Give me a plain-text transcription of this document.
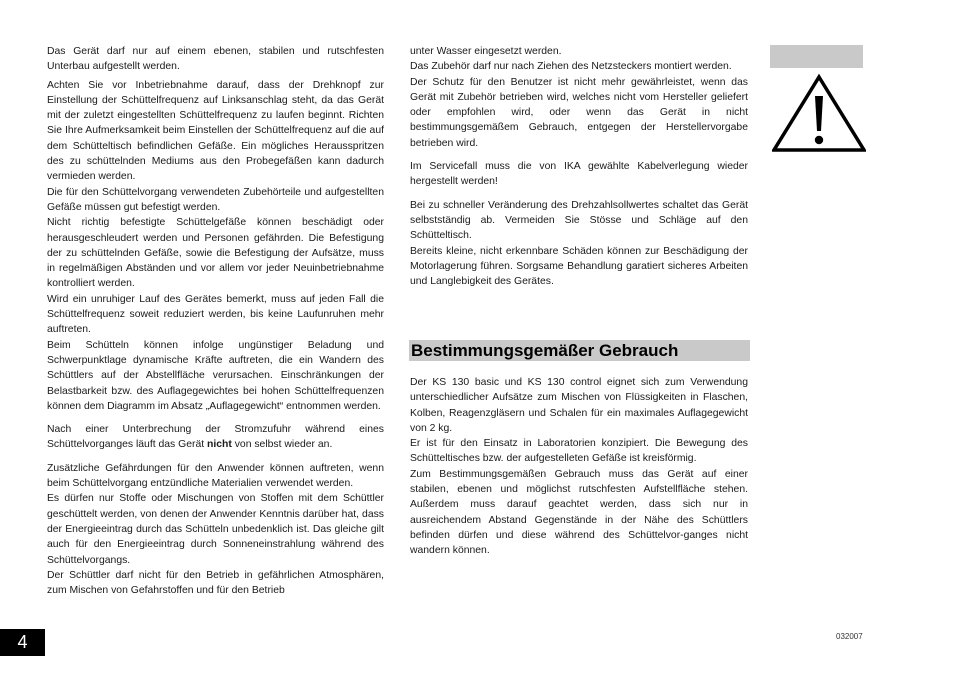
Das Gerät darf nur auf einem ebenen, stabilen und rutschfesten Unterbau aufgestellt werden.

Achten Sie vor Inbetriebnahme darauf, dass der Drehknopf zur Einstellung der Schüttelfrequenz auf Linksanschlag steht, da das Gerät mit der zuletzt eingestellten Schüttelfrequenz zu laufen beginnt. Richten Sie Ihre Aufmerksamkeit beim Einstellen der Schüttelfrequenz auf die auf dem Schütteltisch befindlichen Gefäße. Ein mögliches Herausspritzen des zu schüttelnden Mediums aus den Probegefäßen kann dadurch vermieden werden.

Die für den Schüttelvorgang verwendeten Zubehörteile und aufgestellten Gefäße müssen gut befestigt werden.

Nicht richtig befestigte Schüttelgefäße können beschädigt oder herausgeschleudert werden und Personen gefährden. Die Befestigung der zu schüttelnden Gefäße, sowie die Befestigung der Aufsätze, muss in regelmäßigen Abständen und vor allem vor jeder Neuinbetriebnahme kontrolliert werden.

Wird ein unruhiger Lauf des Gerätes bemerkt, muss auf jeden Fall die Schüttelfrequenz soweit reduziert werden, bis keine Laufunruhen mehr auftreten.

Beim Schütteln können infolge ungünstiger Beladung und Schwerpunktlage dynamische Kräfte auftreten, die ein Wandern des Schüttlers auf der Abstellfläche verursachen. Einschränkungen der Belastbarkeit bzw. des Auflagegewichtes bei hohen Schüttelfrequenzen können dem Diagramm im Absatz „Auflagegewicht“ entnommen werden.

Nach einer Unterbrechung der Stromzufuhr während eines Schüttelvorganges läuft das Gerät nicht von selbst wieder an.

Zusätzliche Gefährdungen für den Anwender können auftreten, wenn beim Schüttelvorgang entzündliche Materialien verwendet werden.

Es dürfen nur Stoffe oder Mischungen von Stoffen mit dem Schüttler geschüttelt werden, von denen der Anwender Kenntnis darüber hat, dass der Energieeintrag durch das Schütteln unbedenklich ist. Das gleiche gilt auch für den Energieeintrag durch Sonneneinstrahlung während des Schüttelvorgangs.

Der Schüttler darf nicht für den Betrieb in gefährlichen Atmosphären, zum Mischen von Gefahrstoffen und für den Betrieb

unter Wasser eingesetzt werden.

Das Zubehör darf nur nach Ziehen des Netzsteckers montiert werden.

Der Schutz für den Benutzer ist nicht mehr gewährleistet, wenn das Gerät mit Zubehör betrieben wird, welches nicht vom Hersteller geliefert oder empfohlen wird, oder wenn das Gerät in nicht bestimmungsgemäßem Gebrauch, entgegen der Herstellervorgabe betrieben wird.

Im Servicefall muss die von IKA gewählte Kabelverlegung wieder hergestellt werden!

Bei zu schneller Veränderung des Drehzahlsollwertes schaltet das Gerät selbstständig ab. Vermeiden Sie Stösse und Schläge auf den Schütteltisch.

Bereits kleine, nicht erkennbare Schäden können zur Beschädigung der Motorlagerung führen. Sorgsame Behandlung garatiert sicheres Arbeiten und Langlebigkeit des Gerätes.

Bestimmungsgemäßer Gebrauch

Der KS 130 basic und KS 130 control eignet sich zum Verwendung unterschiedlicher Aufsätze zum Mischen von Flüssigkeiten in Flaschen, Kolben, Reagenzgläsern und Schalen für ein maximales Auflagegewicht von 2 kg.

Er ist für den Einsatz in Laboratorien konzipiert. Die Bewegung des Schütteltisches bzw. der aufgestelleten Gefäße ist kreisförmig.

Zum Bestimmungsgemäßen Gebrauch muss das Gerät auf einer stabilen, ebenen und möglichst rutschfesten Aufstellfläche stehen. Außerdem muss darauf geachtet werden, dass sich nur in ausreichendem Abstand Gegenstände in der Nähe des Schüttlers befinden dürfen und diese während des Schüttelvor-ganges nicht wandern können.

4	032007
